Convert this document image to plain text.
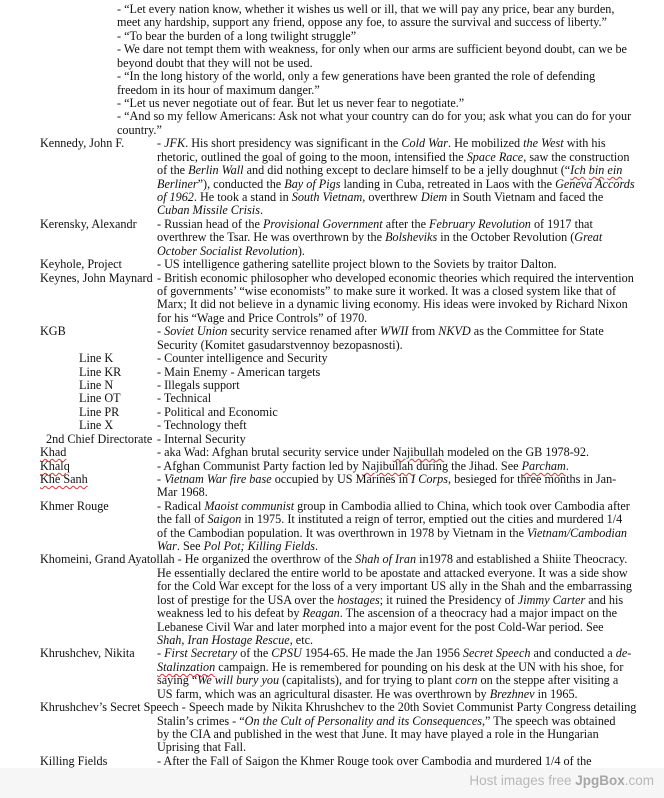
- “Let every nation know, whether it wishes us well or ill, that we will pay any price, bear any burden,
meet any hardship, support any friend, oppose any foe, to assure the survival and success of liberty.”
- “To bear the burden of a long twilight struggle”
- We dare not tempt them with weakness, for only when our arms are sufficient beyond doubt, can we be
beyond doubt that they will not be used.
- “In the long history of the world, only a few generations have been granted the role of defending
freedom in its hour of maximum danger.”
- “Let us never negotiate out of fear. But let us never fear to negotiate.”
- “And so my fellow Americans: Ask not what your country can do for you; ask what you can do for your
country.”
Kennedy, John F.	- JFK. His short presidency was significant in the Cold War. He mobilized the West with his
rhetoric, outlined the goal of going to the moon, intensified the Space Race, saw the construction
of the Berlin Wall and did nothing except to declare himself to be a jelly doughnut (“Ich bin ein
Berliner”), conducted the Bay of Pigs landing in Cuba, retreated in Laos with the Geneva Accords
of 1962. He took a stand in South Vietnam, overthrew Diem in South Vietnam and faced the
Cuban Missile Crisis.
Kerensky, Alexandr - Russian head of the Provisional Government after the February Revolution of 1917 that
overthrew the Tsar. He was overthrown by the Bolsheviks in the October Revolution (Great
October Socialist Revolution).
Keyhole, Project	- US intelligence gathering satellite project blown to the Soviets by traitor Dalton.
Keynes, John Maynard - British economic philosopher who developed economic theories which required the intervention
of governments’ “wise economists” to make sure it worked. It was a closed system like that of
Marx; It did not believe in a dynamic living economy. His ideas were invoked by Richard Nixon
for his “Wage and Price Controls” of 1970.
KGB	- Soviet Union security service renamed after WWII from NKVD as the Committee for State
Security (Komitet gasudarstvennoy bezopasnosti).
Line K	- Counter intelligence and Security
Line KR	- Main Enemy - American targets
Line N	- Illegals support
Line OT	- Technical
Line PR	- Political and Economic
Line X	- Technology theft
2nd Chief Directorate - Internal Security
Khad	- aka Wad: Afghan brutal security service under Najibullah modeled on the GB 1978-92.
Khalq	- Afghan Communist Party faction led by Najibullah during the Jihad. See Parcham.
Khe Sanh	- Vietnam War fire base occupied by US Marines in I Corps, besieged for three months in Jan-
Mar 1968.
Khmer Rouge	- Radical Maoist communist group in Cambodia allied to China, which took over Cambodia after
the fall of Saigon in 1975. It instituted a reign of terror, emptied out the cities and murdered 1/4
of the Cambodian population. It was overthrown in 1978 by Vietnam in the Vietnam/Cambodian
War. See Pol Pot; Killing Fields.
Khomeini, Grand Ayatollah - He organized the overthrow of the Shah of Iran in1978 and established a Shiite Theocracy.
He essentially declared the entire world to be apostate and attacked everyone. It was a side show
for the Cold War except for the loss of a very important US ally in the Shah and the embarrassing
lost of prestige for the USA over the hostages; it ruined the Presidency of Jimmy Carter and his
weakness led to his defeat by Reagan. The ascension of a theocracy had a major impact on the
Lebanese Civil War and later morphed into a major event for the post Cold-War period. See
Shah, Iran Hostage Rescue, etc.
Khrushchev, Nikita - First Secretary of the CPSU 1954-65. He made the Jan 1956 Secret Speech and conducted a de-
Stalinzation campaign. He is remembered for pounding on his desk at the UN with his shoe, for
saying “We will bury you (capitalists), and for trying to plant corn on the steppe after visiting a
US farm, which was an agricultural disaster. He was overthrown by Brezhnev in 1965.
Khrushchev’s Secret Speech - Speech made by Nikita Khrushchev to the 20th Soviet Communist Party Congress detailing
Stalin’s crimes - “On the Cult of Personality and its Consequences,” The speech was obtained
by the CIA and published in the west that June. It may have played a role in the Hungarian
Uprising that Fall.
Killing Fields	- After the Fall of Saigon the Khmer Rouge took over Cambodia and murdered 1/4 of the
Host images free JpgBox.com
